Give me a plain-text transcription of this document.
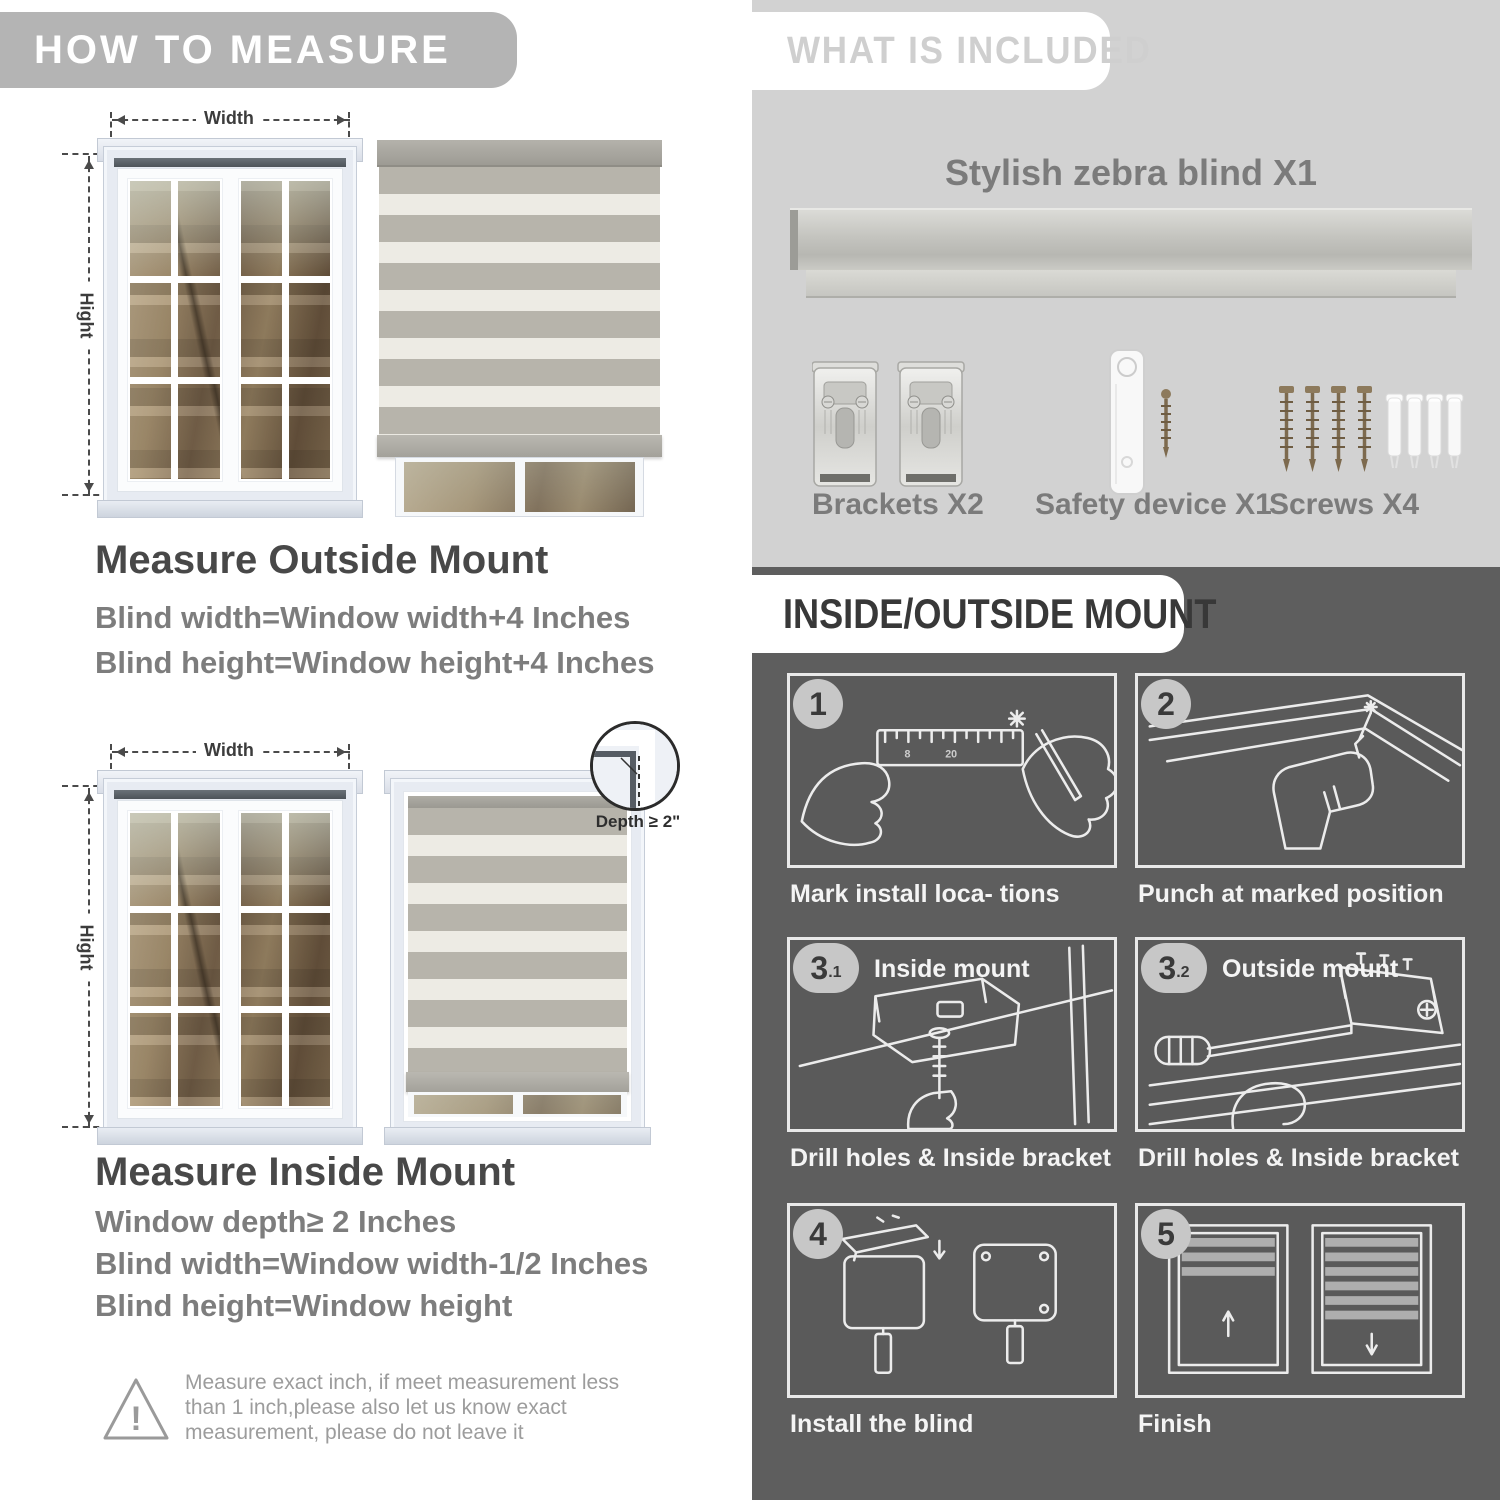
HOW TO MEASURE
Width
Hight
Measure Outside Mount
Blind width=Window width+4 Inches
Blind height=Window height+4 Inches
Width
Hight
Depth ≥ 2"
Measure Inside Mount
Window depth≥ 2 Inches
Blind width=Window width-1/2 Inches
Blind height=Window height
!
Measure exact inch, if meet measurement less than 1 inch,please also let us know exact measurement, please do not leave it
WHAT IS INCLUDED
Stylish zebra blind X1
Brackets X2 Safety device X1
Screws X4
INSIDE/OUTSIDE MOUNT
8	20
1
Mark install loca- tions
2
Punch at marked position
3 .1 Inside mount
Drill holes & Inside bracket
3 .2 Outside mount
Drill holes & Inside bracket
4
Install the blind
5
Finish
